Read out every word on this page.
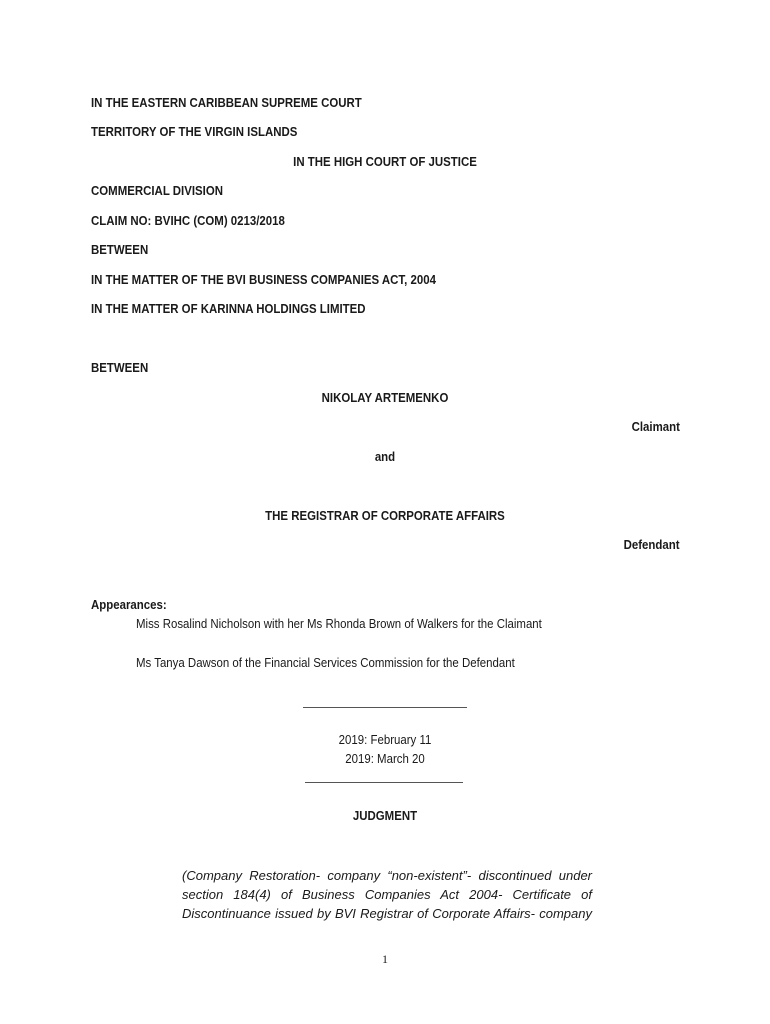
IN THE EASTERN CARIBBEAN SUPREME COURT
TERRITORY OF THE VIRGIN ISLANDS
IN THE HIGH COURT OF JUSTICE
COMMERCIAL DIVISION
CLAIM NO: BVIHC (COM) 0213/2018
BETWEEN
IN THE MATTER OF THE BVI BUSINESS COMPANIES ACT, 2004
IN THE MATTER OF KARINNA HOLDINGS LIMITED
BETWEEN
NIKOLAY ARTEMENKO
Claimant
and
THE REGISTRAR OF CORPORATE AFFAIRS
Defendant
Appearances:
Miss Rosalind Nicholson with her Ms Rhonda Brown of Walkers for the Claimant
Ms Tanya Dawson of the Financial Services Commission for the Defendant
2019: February 11
2019: March 20
JUDGMENT
(Company Restoration- company “non-existent”- discontinued under
section 184(4) of Business Companies Act 2004- Certificate of
Discontinuance issued by BVI Registrar of Corporate Affairs- company
1
